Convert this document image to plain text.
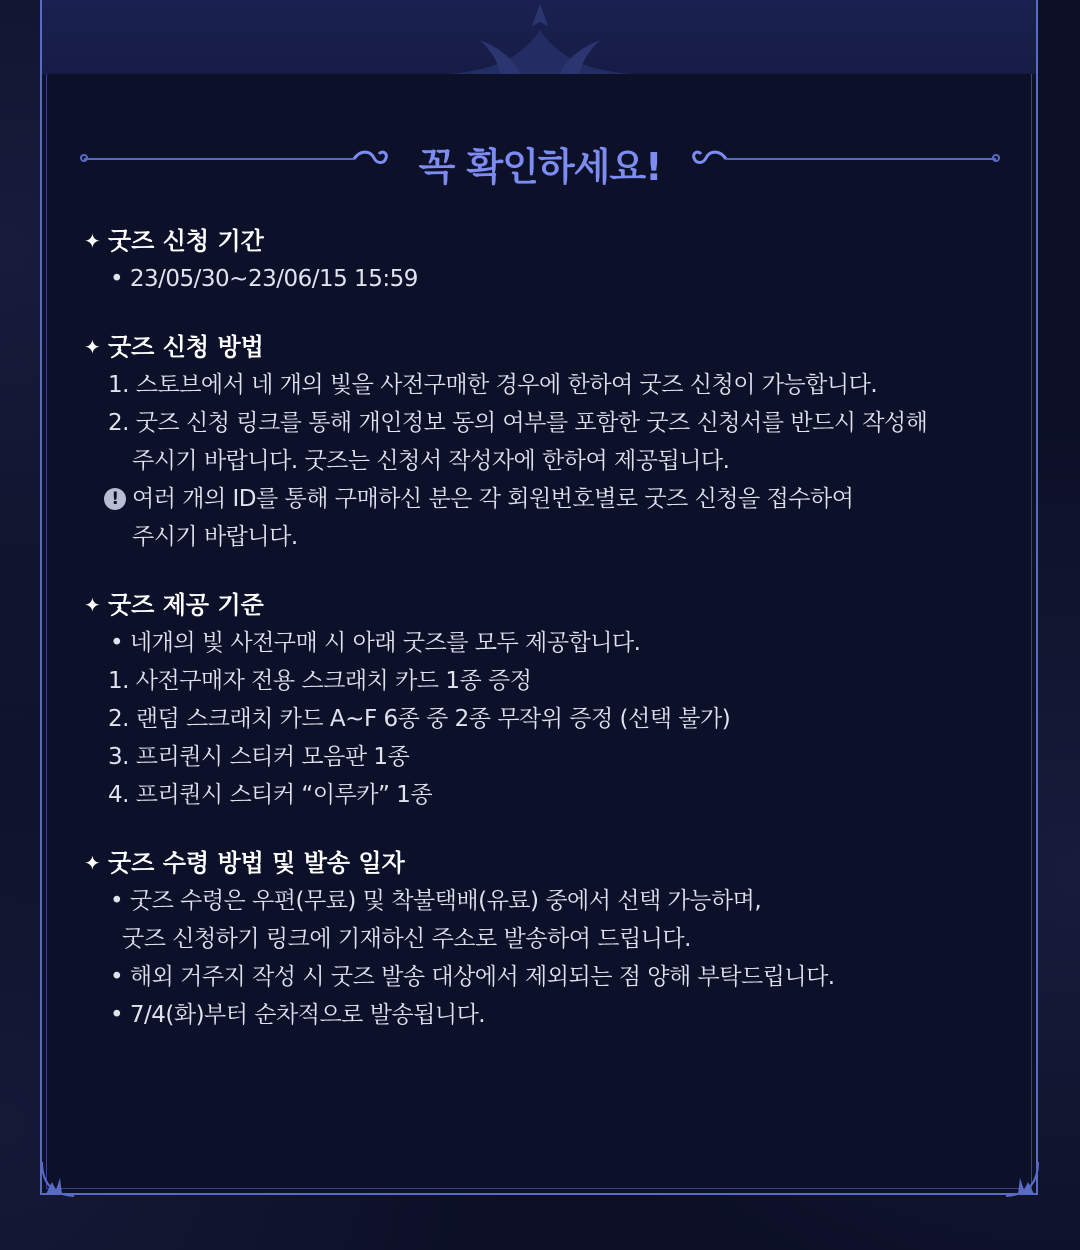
꼭 확인하세요!
✦ 굿즈 신청 기간
• 23/05/30~23/06/15 15:59
✦ 굿즈 신청 방법
1. 스토브에서 네 개의 빛을 사전구매한 경우에 한하여 굿즈 신청이 가능합니다.
2. 굿즈 신청 링크를 통해 개인정보 동의 여부를 포함한 굿즈 신청서를 반드시 작성해
주시기 바랍니다. 굿즈는 신청서 작성자에 한하여 제공됩니다.
! 여러 개의 ID를 통해 구매하신 분은 각 회원번호별로 굿즈 신청을 접수하여
주시기 바랍니다.
✦ 굿즈 제공 기준
• 네개의 빛 사전구매 시 아래 굿즈를 모두 제공합니다.
1. 사전구매자 전용 스크래치 카드 1종 증정
2. 랜덤 스크래치 카드 A~F 6종 중 2종 무작위 증정 (선택 불가)
3. 프리퀀시 스티커 모음판 1종
4. 프리퀀시 스티커 “이루카” 1종
✦ 굿즈 수령 방법 및 발송 일자
• 굿즈 수령은 우편(무료) 및 착불택배(유료) 중에서 선택 가능하며,
굿즈 신청하기 링크에 기재하신 주소로 발송하여 드립니다.
• 해외 거주지 작성 시 굿즈 발송 대상에서 제외되는 점 양해 부탁드립니다.
• 7/4(화)부터 순차적으로 발송됩니다.
